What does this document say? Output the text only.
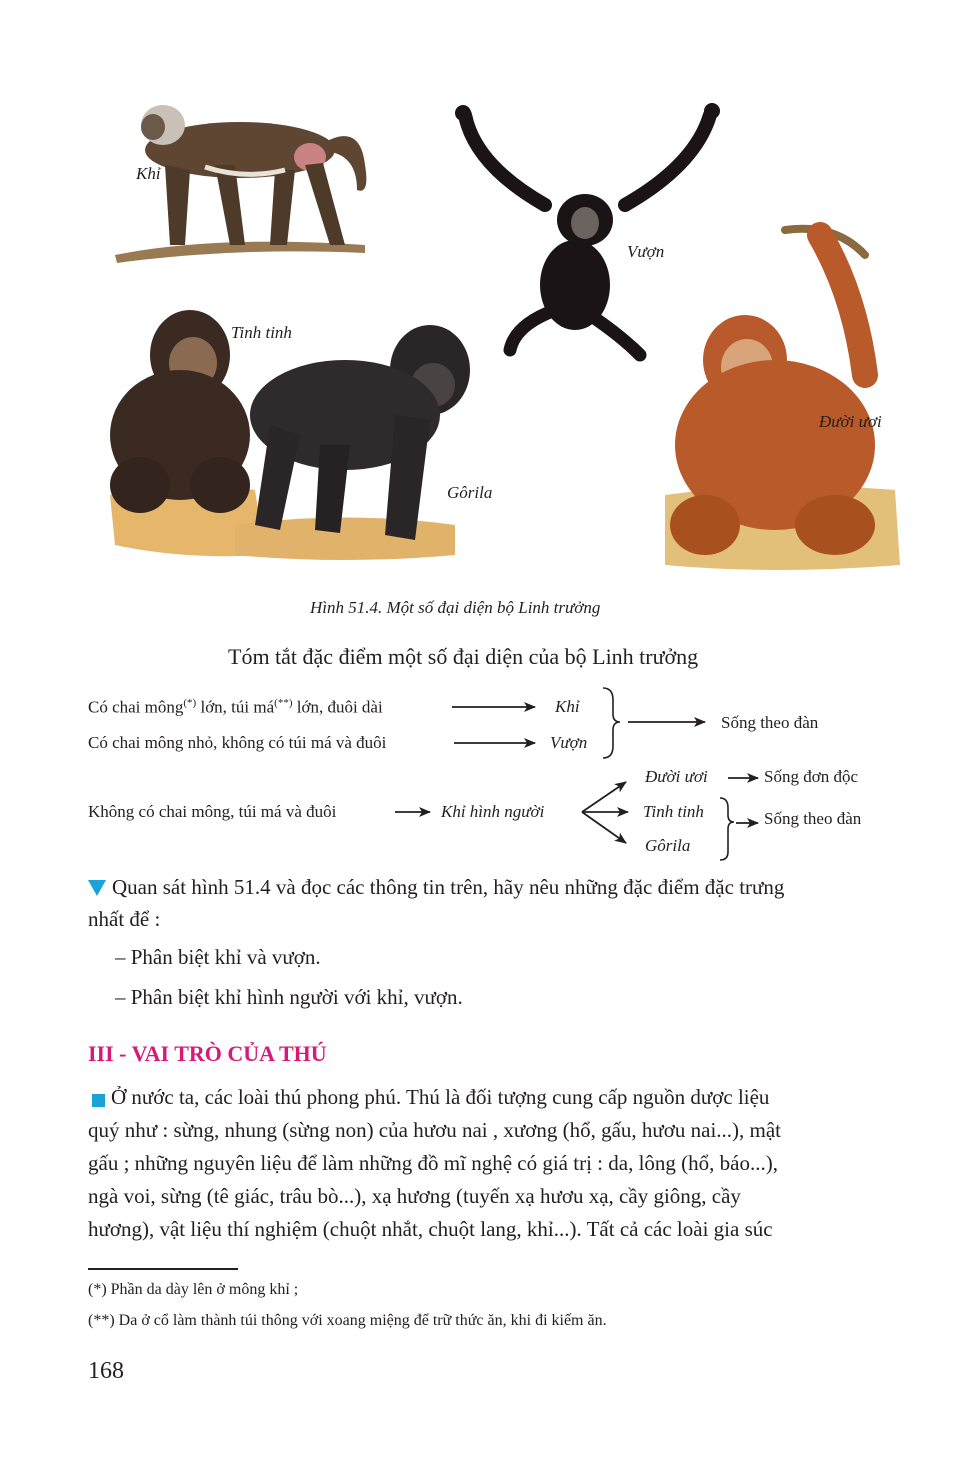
Khỉ
Vượn
Tinh tinh
Gôrila
Đười ươi
Hình 51.4. Một số đại diện bộ Linh trưởng
Tóm tắt đặc điểm một số đại diện của bộ Linh trưởng
Có chai mông(*) lớn, túi má(**) lớn, đuôi dài	Khỉ
Có chai mông nhỏ, không có túi má và đuôi	Vượn
Sống theo đàn
Không có chai mông, túi má và đuôi	Khỉ hình người
Đười ươi
Tinh tinh
Gôrila
Sống đơn độc
Sống theo đàn
Quan sát hình 51.4 và đọc các thông tin trên, hãy nêu những đặc điểm đặc trưng
nhất để :
– Phân biệt khỉ và vượn.
– Phân biệt khỉ hình người với khỉ, vượn.
III - VAI TRÒ CỦA THÚ
Ở nước ta, các loài thú phong phú. Thú là đối tượng cung cấp nguồn dược liệu
quý như : sừng, nhung (sừng non) của hươu nai , xương (hổ, gấu, hươu nai...), mật
gấu ; những nguyên liệu để làm những đồ mĩ nghệ có giá trị : da, lông (hổ, báo...),
ngà voi, sừng (tê giác, trâu bò...), xạ hương (tuyến xạ hươu xạ, cầy giông, cầy
hương), vật liệu thí nghiệm (chuột nhắt, chuột lang, khỉ...). Tất cả các loài gia súc
(*) Phần da dày lên ở mông khỉ ;
(**) Da ở cổ làm thành túi thông với xoang miệng để trữ thức ăn, khi đi kiếm ăn.
168
